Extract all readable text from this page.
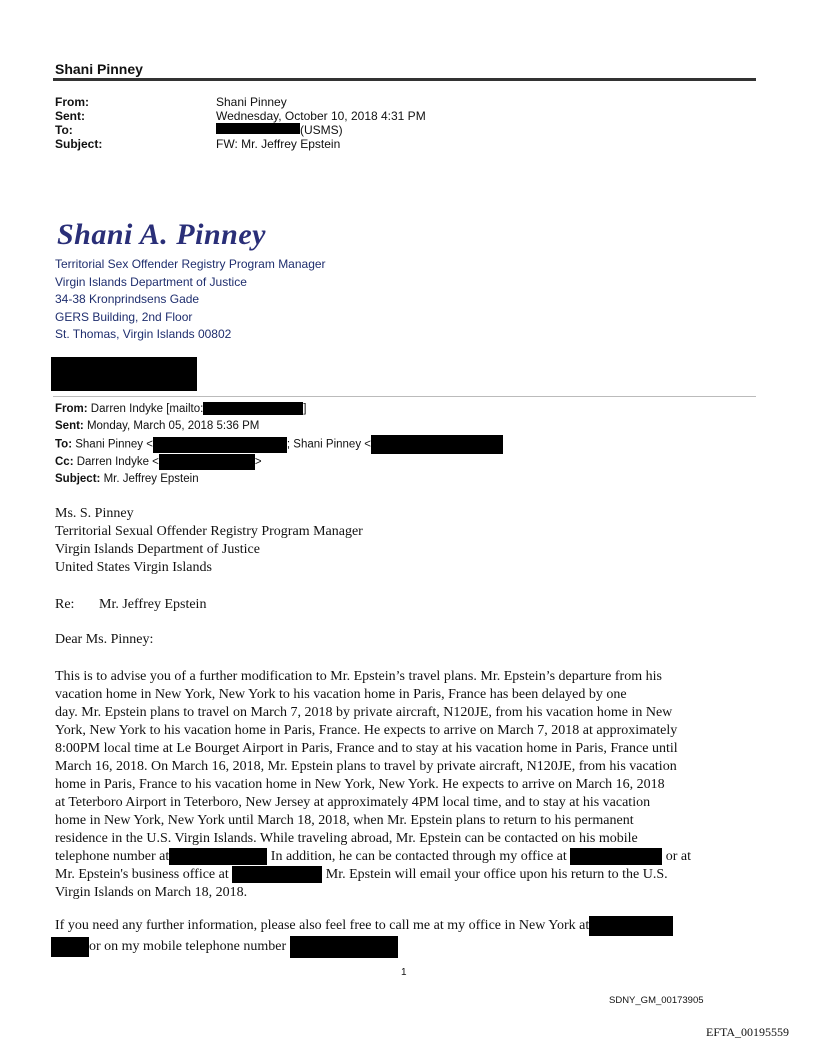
Shani Pinney
From:	Shani Pinney
Sent:	Wednesday, October 10, 2018 4:31 PM
To:	(USMS)
Subject:	FW: Mr. Jeffrey Epstein
Shani A. Pinney
Territorial Sex Offender Registry Program Manager
Virgin Islands Department of Justice
34-38 Kronprindsens Gade
GERS Building, 2nd Floor
St. Thomas, Virgin Islands 00802
From: Darren Indyke [mailto:	]
Sent: Monday, March 05, 2018 5:36 PM
To: Shani Pinney <	; Shani Pinney <
Cc: Darren Indyke <	>
Subject: Mr. Jeffrey Epstein
Ms. S. Pinney
Territorial Sexual Offender Registry Program Manager
Virgin Islands Department of Justice
United States Virgin Islands
Re: Mr. Jeffrey Epstein
Dear Ms. Pinney:
This is to advise you of a further modification to Mr. Epstein’s travel plans. Mr. Epstein’s departure from his
vacation home in New York, New York to his vacation home in Paris, France has been delayed by one
day. Mr. Epstein plans to travel on March 7, 2018 by private aircraft, N120JE, from his vacation home in New
York, New York to his vacation home in Paris, France. He expects to arrive on March 7, 2018 at approximately
8:00PM local time at Le Bourget Airport in Paris, France and to stay at his vacation home in Paris, France until
March 16, 2018. On March 16, 2018, Mr. Epstein plans to travel by private aircraft, N120JE, from his vacation
home in Paris, France to his vacation home in New York, New York. He expects to arrive on March 16, 2018
at Teterboro Airport in Teterboro, New Jersey at approximately 4PM local time, and to stay at his vacation
home in New York, New York until March 18, 2018, when Mr. Epstein plans to return to his permanent
residence in the U.S. Virgin Islands. While traveling abroad, Mr. Epstein can be contacted on his mobile
telephone number at	In addition, he can be contacted through my office at	or at
Mr. Epstein's business office at	Mr. Epstein will email your office upon his return to the U.S.
Virgin Islands on March 18, 2018.
If you need any further information, please also feel free to call me at my office in New York at
or on my mobile telephone number
1
SDNY_GM_00173905
EFTA_00195559
